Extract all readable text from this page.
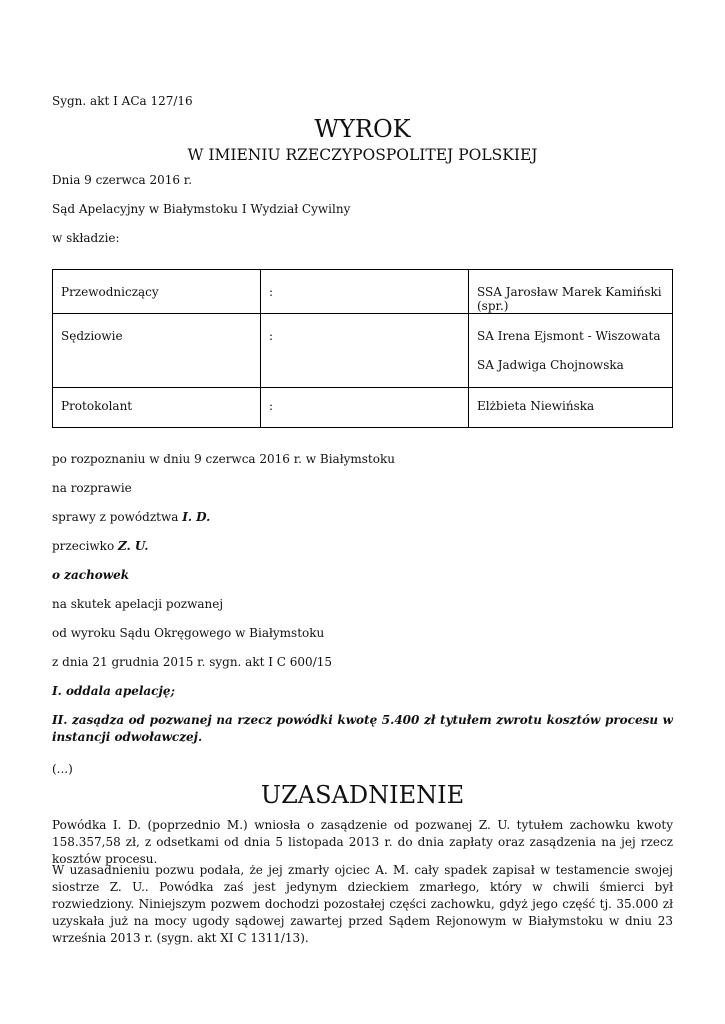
Sygn. akt I ACa 127/16
WYROK
W IMIENIU RZECZYPOSPOLITEJ POLSKIEJ
Dnia 9 czerwca 2016 r.
Sąd Apelacyjny w Białymstoku I Wydział Cywilny
w składzie:
Przewodniczący	:	SSA Jarosław Marek Kamiński (spr.)
Sędziowie	:	SA Irena Ejsmont - Wiszowata
SA Jadwiga Chojnowska

Protokolant	:	Elżbieta Niewińska
po rozpoznaniu w dniu 9 czerwca 2016 r. w Białymstoku
na rozprawie
sprawy z powództwa I. D.
przeciwko Z. U.
o zachowek
na skutek apelacji pozwanej
od wyroku Sądu Okręgowego w Białymstoku
z dnia 21 grudnia 2015 r. sygn. akt I C 600/15
I. oddala apelację;
II. zasądza od pozwanej na rzecz powódki kwotę 5.400 zł tytułem zwrotu kosztów procesu w instancji odwoławczej.
(...)
UZASADNIENIE
Powódka I. D. (poprzednio M.) wniosła o zasądzenie od pozwanej Z. U. tytułem zachowku kwoty 158.357,58 zł, z odsetkami od dnia 5 listopada 2013 r. do dnia zapłaty oraz zasądzenia na jej rzecz kosztów procesu.
W uzasadnieniu pozwu podała, że jej zmarły ojciec A. M. cały spadek zapisał w testamencie swojej siostrze Z. U.. Powódka zaś jest jedynym dzieckiem zmarłego, który w chwili śmierci był rozwiedziony. Niniejszym pozwem dochodzi pozostałej części zachowku, gdyż jego część tj. 35.000 zł uzyskała już na mocy ugody sądowej zawartej przed Sądem Rejonowym w Białymstoku w dniu 23 września 2013 r. (sygn. akt XI C 1311/13).
